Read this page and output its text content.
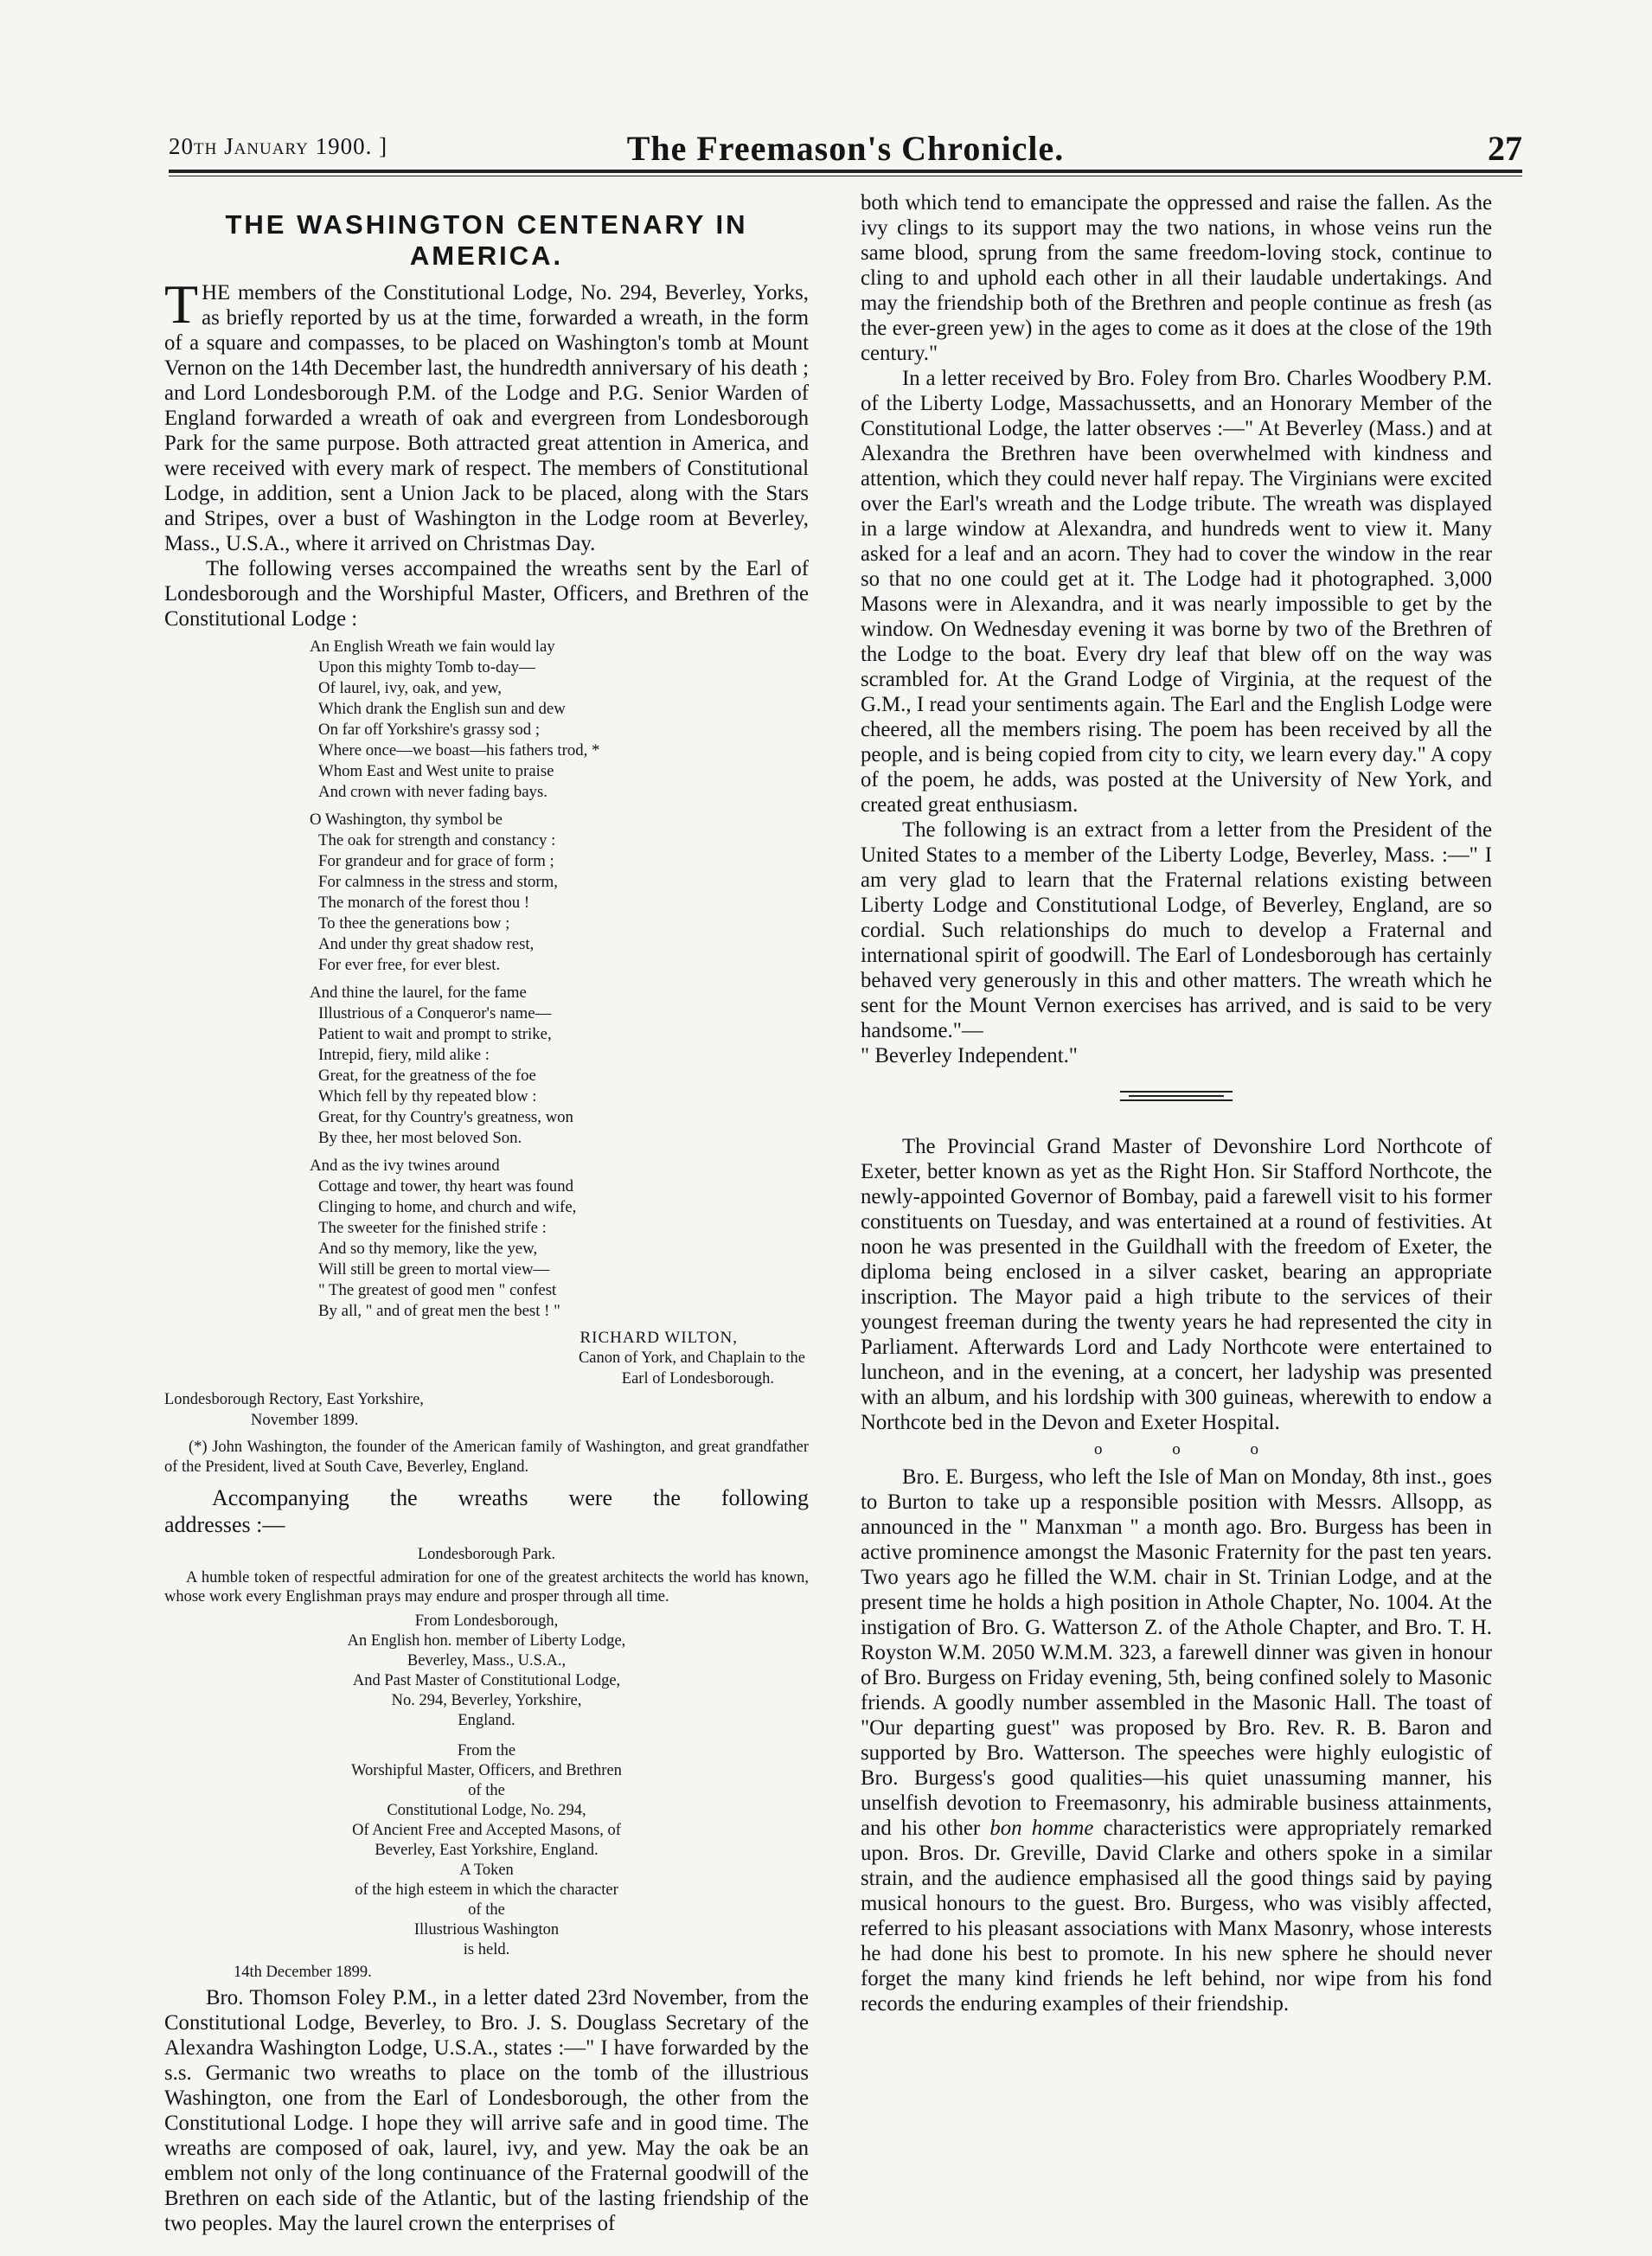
20th January 1900. ]	The Freemason's Chronicle.	27
THE WASHINGTON CENTENARY IN AMERICA.

THE members of the Constitutional Lodge, No. 294, Beverley, Yorks, as briefly reported by us at the time, forwarded a wreath, in the form of a square and compasses, to be placed on Washington's tomb at Mount Vernon on the 14th December last, the hundredth anniversary of his death ; and Lord Londesborough P.M. of the Lodge and P.G. Senior Warden of England forwarded a wreath of oak and evergreen from Londesborough Park for the same purpose. Both attracted great attention in America, and were received with every mark of respect. The members of Constitutional Lodge, in addition, sent a Union Jack to be placed, along with the Stars and Stripes, over a bust of Washington in the Lodge room at Beverley, Mass., U.S.A., where it arrived on Christmas Day.

The following verses accompained the wreaths sent by the Earl of Londesborough and the Worshipful Master, Officers, and Brethren of the Constitutional Lodge :

An English Wreath we fain would lay
Upon this mighty Tomb to-day—
Of laurel, ivy, oak, and yew,
Which drank the English sun and dew
On far off Yorkshire's grassy sod ;
Where once—we boast—his fathers trod, *
Whom East and West unite to praise
And crown with never fading bays.
O Washington, thy symbol be
The oak for strength and constancy :
For grandeur and for grace of form ;
For calmness in the stress and storm,
The monarch of the forest thou !
To thee the generations bow ;
And under thy great shadow rest,
For ever free, for ever blest.
And thine the laurel, for the fame
Illustrious of a Conqueror's name—
Patient to wait and prompt to strike,
Intrepid, fiery, mild alike :
Great, for the greatness of the foe
Which fell by thy repeated blow :
Great, for thy Country's greatness, won
By thee, her most beloved Son.
And as the ivy twines around
Cottage and tower, thy heart was found
Clinging to home, and church and wife,
The sweeter for the finished strife :
And so thy memory, like the yew,
Will still be green to mortal view—
" The greatest of good men " confest
By all, " and of great men the best ! "
RICHARD WILTON,
Canon of York, and Chaplain to the
Earl of Londesborough.
Londesborough Rectory, East Yorkshire,
November 1899.
(*) John Washington, the founder of the American family of Washington, and great grandfather of the President, lived at South Cave, Beverley, England.
Accompanying the wreaths were the following
addresses :—
Londesborough Park.
A humble token of respectful admiration for one of the greatest architects the world has known, whose work every Englishman prays may endure and prosper through all time.
From Londesborough,
An English hon. member of Liberty Lodge,
Beverley, Mass., U.S.A.,
And Past Master of Constitutional Lodge,
No. 294, Beverley, Yorkshire,
England.
From the
Worshipful Master, Officers, and Brethren
of the
Constitutional Lodge, No. 294,
Of Ancient Free and Accepted Masons, of
Beverley, East Yorkshire, England.
A Token
of the high esteem in which the character
of the
Illustrious Washington
is held.
14th December 1899.

Bro. Thomson Foley P.M., in a letter dated 23rd November, from the Constitutional Lodge, Beverley, to Bro. J. S. Douglass Secretary of the Alexandra Washington Lodge, U.S.A., states :—" I have forwarded by the s.s. Germanic two wreaths to place on the tomb of the illustrious Washington, one from the Earl of Londesborough, the other from the Constitutional Lodge. I hope they will arrive safe and in good time. The wreaths are composed of oak, laurel, ivy, and yew. May the oak be an emblem not only of the long continuance of the Fraternal goodwill of the Brethren on each side of the Atlantic, but of the lasting friendship of the two peoples. May the laurel crown the enterprises of

both which tend to emancipate the oppressed and raise the fallen. As the ivy clings to its support may the two nations, in whose veins run the same blood, sprung from the same freedom-loving stock, continue to cling to and uphold each other in all their laudable undertakings. And may the friendship both of the Brethren and people continue as fresh (as the ever-green yew) in the ages to come as it does at the close of the 19th century."

In a letter received by Bro. Foley from Bro. Charles Woodbery P.M. of the Liberty Lodge, Massachussetts, and an Honorary Member of the Constitutional Lodge, the latter observes :—" At Beverley (Mass.) and at Alexandra the Brethren have been overwhelmed with kindness and attention, which they could never half repay. The Virginians were excited over the Earl's wreath and the Lodge tribute. The wreath was displayed in a large window at Alexandra, and hundreds went to view it. Many asked for a leaf and an acorn. They had to cover the window in the rear so that no one could get at it. The Lodge had it photographed. 3,000 Masons were in Alexandra, and it was nearly impossible to get by the window. On Wednesday evening it was borne by two of the Brethren of the Lodge to the boat. Every dry leaf that blew off on the way was scrambled for. At the Grand Lodge of Virginia, at the request of the G.M., I read your sentiments again. The Earl and the English Lodge were cheered, all the members rising. The poem has been received by all the people, and is being copied from city to city, we learn every day." A copy of the poem, he adds, was posted at the University of New York, and created great enthusiasm.

The following is an extract from a letter from the President of the United States to a member of the Liberty Lodge, Beverley, Mass. :—" I am very glad to learn that the Fraternal relations existing between Liberty Lodge and Constitutional Lodge, of Beverley, England, are so cordial. Such relationships do much to develop a Fraternal and international spirit of goodwill. The Earl of Londesborough has certainly behaved very generously in this and other matters. The wreath which he sent for the Mount Vernon exercises has arrived, and is said to be very handsome."—

" Beverley Independent."

The Provincial Grand Master of Devonshire Lord Northcote of Exeter, better known as yet as the Right Hon. Sir Stafford Northcote, the newly-appointed Governor of Bombay, paid a farewell visit to his former constituents on Tuesday, and was entertained at a round of festivities. At noon he was presented in the Guildhall with the freedom of Exeter, the diploma being enclosed in a silver casket, bearing an appropriate inscription. The Mayor paid a high tribute to the services of their youngest freeman during the twenty years he had represented the city in Parliament. Afterwards Lord and Lady Northcote were entertained to luncheon, and in the evening, at a concert, her ladyship was presented with an album, and his lordship with 300 guineas, wherewith to endow a Northcote bed in the Devon and Exeter Hospital.

o o o

Bro. E. Burgess, who left the Isle of Man on Monday, 8th inst., goes to Burton to take up a responsible position with Messrs. Allsopp, as announced in the " Manxman " a month ago. Bro. Burgess has been in active prominence amongst the Masonic Fraternity for the past ten years. Two years ago he filled the W.M. chair in St. Trinian Lodge, and at the present time he holds a high position in Athole Chapter, No. 1004. At the instigation of Bro. G. Watterson Z. of the Athole Chapter, and Bro. T. H. Royston W.M. 2050 W.M.M. 323, a farewell dinner was given in honour of Bro. Burgess on Friday evening, 5th, being confined solely to Masonic friends. A goodly number assembled in the Masonic Hall. The toast of "Our departing guest" was proposed by Bro. Rev. R. B. Baron and supported by Bro. Watterson. The speeches were highly eulogistic of Bro. Burgess's good qualities—his quiet unassuming manner, his unselfish devotion to Freemasonry, his admirable business attainments, and his other bon homme characteristics were appropriately remarked upon. Bros. Dr. Greville, David Clarke and others spoke in a similar strain, and the audience emphasised all the good things said by paying musical honours to the guest. Bro. Burgess, who was visibly affected, referred to his pleasant associations with Manx Masonry, whose interests he had done his best to promote. In his new sphere he should never forget the many kind friends he left behind, nor wipe from his fond records the enduring examples of their friendship.
